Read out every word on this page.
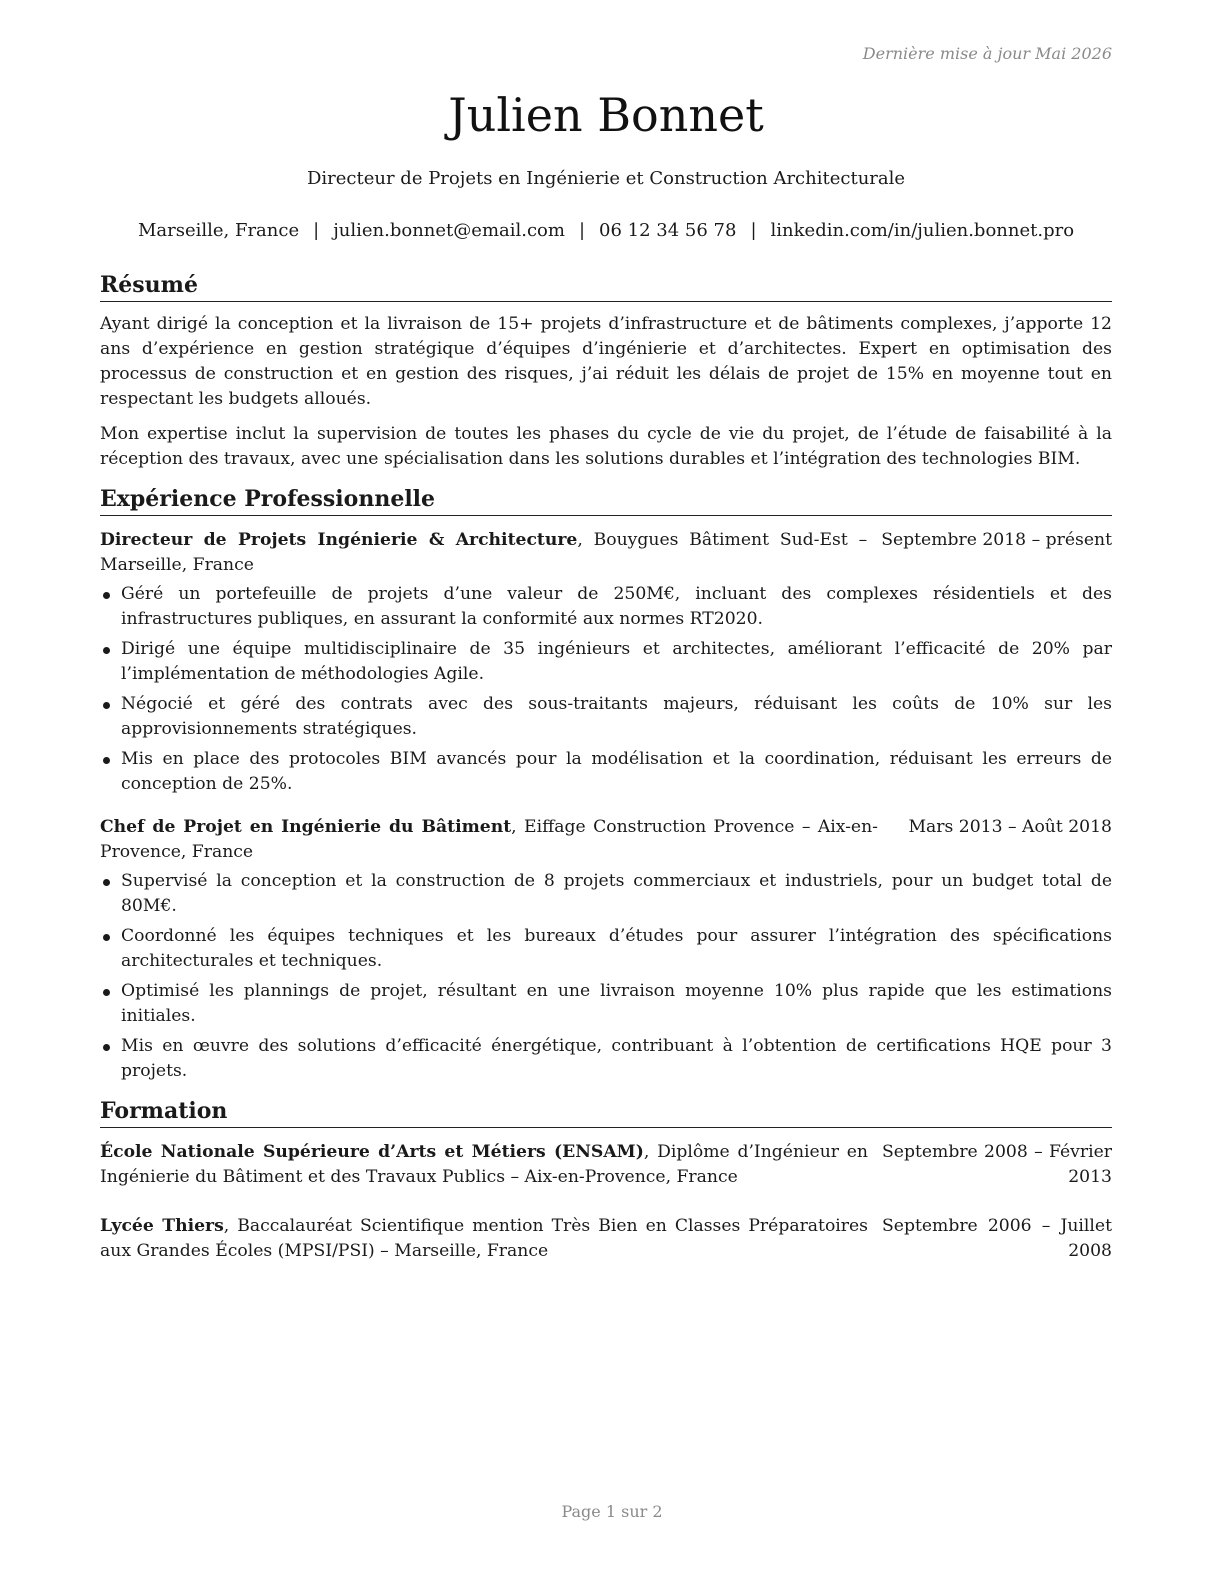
Dernière mise à jour Mai 2026
Julien Bonnet
Directeur de Projets en Ingénierie et Construction Architecturale
Marseille, France | julien.bonnet@email.com | 06 12 34 56 78 | linkedin.com/in/julien.bonnet.pro
Résumé

Ayant dirigé la conception et la livraison de 15+ projets d’infrastructure et de bâtiments complexes, j’apporte 12 ans d’expérience en gestion stratégique d’équipes d’ingénierie et d’architectes. Expert en optimisation des processus de construction et en gestion des risques, j’ai réduit les délais de projet de 15% en moyenne tout en respectant les budgets alloués.

Mon expertise inclut la supervision de toutes les phases du cycle de vie du projet, de l’étude de faisabilité à la réception des travaux, avec une spécialisation dans les solutions durables et l’intégration des technologies BIM.

Expérience Professionnelle
Directeur de Projets Ingénierie & Architecture, Bouygues Bâtiment Sud-Est – Marseille, France
Septembre 2018 – présent
Géré un portefeuille de projets d’une valeur de 250M€, incluant des complexes résidentiels et des infrastructures publiques, en assurant la conformité aux normes RT2020.
Dirigé une équipe multidisciplinaire de 35 ingénieurs et architectes, améliorant l’efficacité de 20% par l’implémentation de méthodologies Agile.
Négocié et géré des contrats avec des sous-traitants majeurs, réduisant les coûts de 10% sur les approvisionnements stratégiques.
Mis en place des protocoles BIM avancés pour la modélisation et la coordination, réduisant les erreurs de conception de 25%.
Chef de Projet en Ingénierie du Bâtiment, Eiffage Construction Provence – Aix-en-Provence, France
Mars 2013 – Août 2018
Supervisé la conception et la construction de 8 projets commerciaux et industriels, pour un budget total de 80M€.
Coordonné les équipes techniques et les bureaux d’études pour assurer l’intégration des spécifications architecturales et techniques.
Optimisé les plannings de projet, résultant en une livraison moyenne 10% plus rapide que les estimations initiales.
Mis en œuvre des solutions d’efficacité énergétique, contribuant à l’obtention de certifications HQE pour 3 projets.
Formation
École Nationale Supérieure d’Arts et Métiers (ENSAM), Diplôme d’Ingénieur en Ingénierie du Bâtiment et des Travaux Publics – Aix-en-Provence, France
Septembre 2008 – Février 2013
Lycée Thiers, Baccalauréat Scientifique mention Très Bien en Classes Préparatoires aux Grandes Écoles (MPSI/PSI) – Marseille, France
Septembre 2006 – Juillet 2008
Page 1 sur 2
